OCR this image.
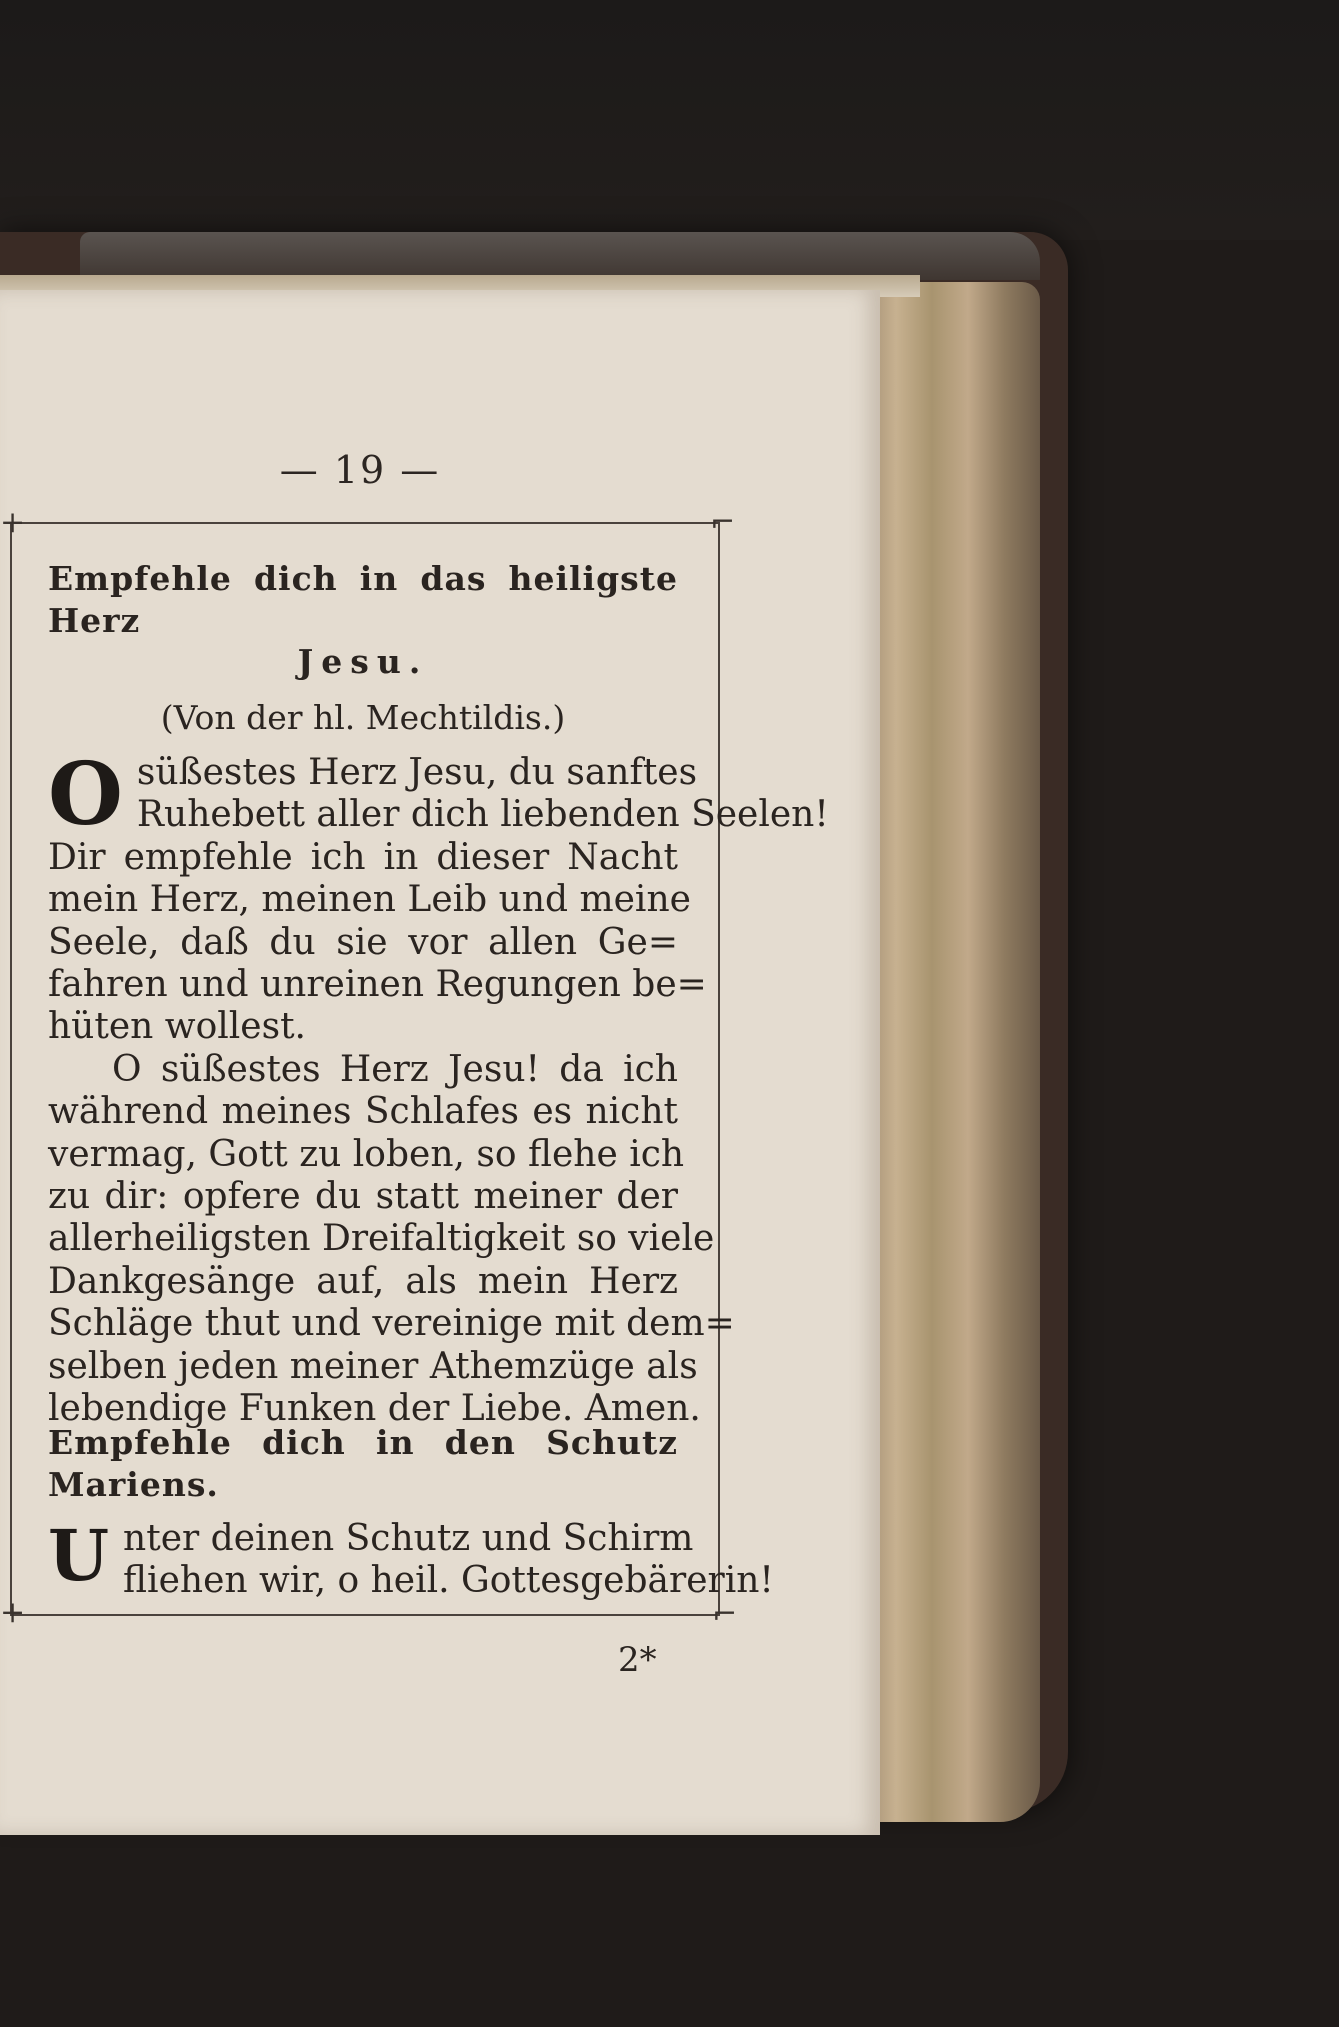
— 19 —
+	⌐
+	⌐
Empfehle dich in das heiligste Herz
Jesu.
(Von der hl. Mechtildis.)
O süßestes Herz Jesu, du sanftes
Ruhebett aller dich liebenden Seelen!
Dir empfehle ich in dieser Nacht
mein Herz, meinen Leib und meine
Seele, daß du sie vor allen Ge=
fahren und unreinen Regungen be=
hüten wollest.
O süßestes Herz Jesu! da ich
während meines Schlafes es nicht
vermag, Gott zu loben, so flehe ich
zu dir: opfere du statt meiner der
allerheiligsten Dreifaltigkeit so viele
Dankgesänge auf, als mein Herz
Schläge thut und vereinige mit dem=
selben jeden meiner Athemzüge als
lebendige Funken der Liebe. Amen.
Empfehle dich in den Schutz Mariens.
U nter deinen Schutz und Schirm
fliehen wir, o heil. Gottesgebärerin!
2*
